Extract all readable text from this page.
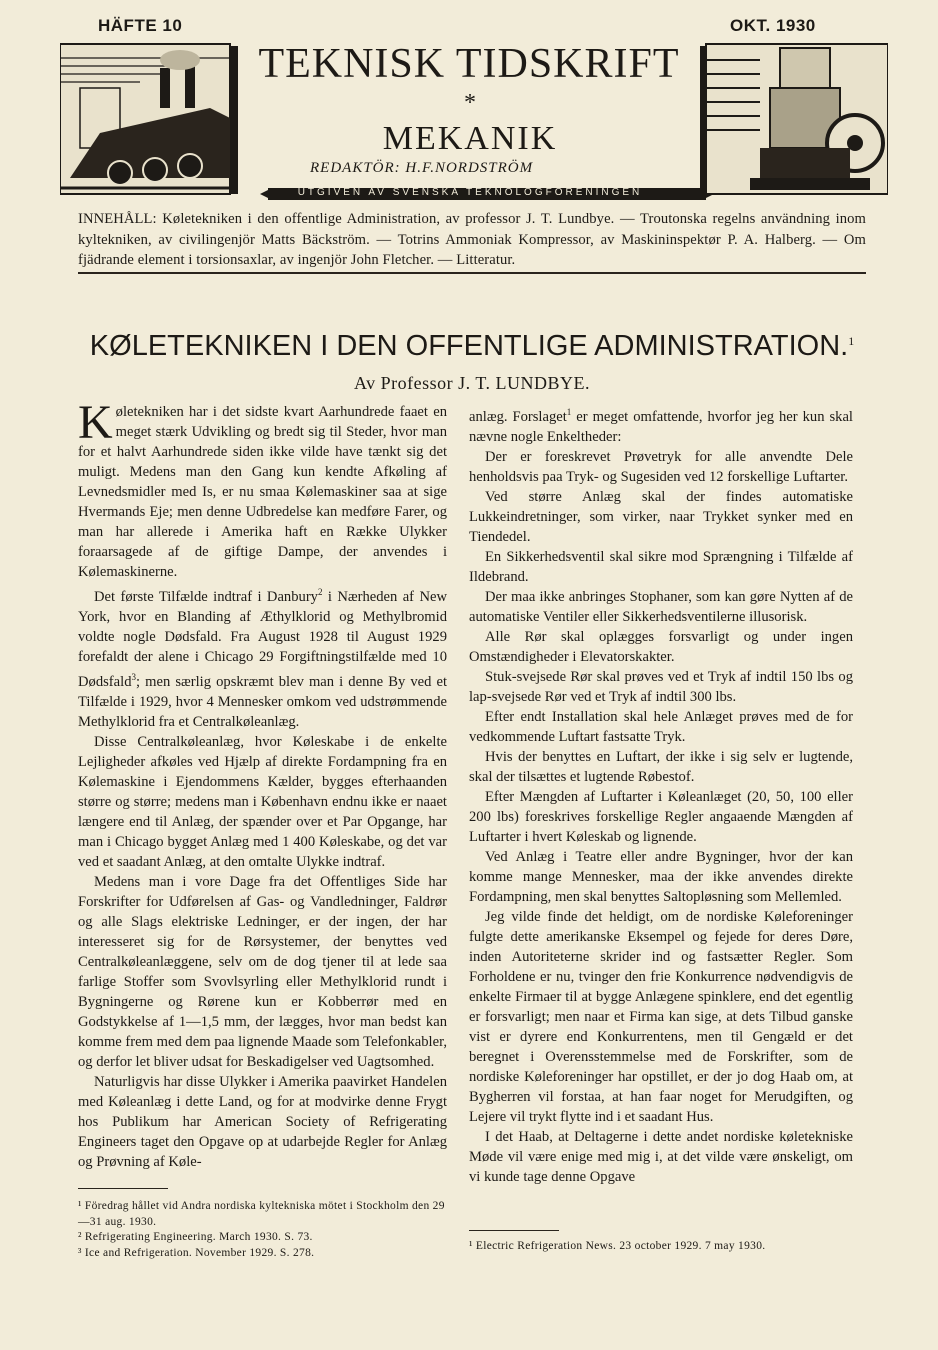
HÄFTE 10	OKT. 1930
TEKNISK TIDSKRIFT
*
MEKANIK
REDAKTÖR: H.F.NORDSTRÖM
UTGIVEN AV SVENSKA TEKNOLOGFÖRENINGEN
INNEHÅLL: Køletekniken i den offentlige Administration, av professor J. T. Lundbye. — Troutonska regelns användning inom kyltekniken, av civilingenjör Matts Bäckström. — Totrins Ammoniak Kompressor, av Maskininspektør P. A. Halberg. — Om fjädrande element i torsionsaxlar, av ingenjör John Fletcher. — Litteratur.
KØLETEKNIKEN I DEN OFFENTLIGE ADMINISTRATION.$^1$
Av Professor J. T. LUNDBYE.

Køletekniken har i det sidste kvart Aarhundrede faaet en meget stærk Udvikling og bredt sig til Steder, hvor man for et halvt Aarhundrede siden ikke vilde have tænkt sig det muligt. Medens man den Gang kun kendte Afkøling af Levnedsmidler med Is, er nu smaa Kølemaskiner saa at sige Hvermands Eje; men denne Udbredelse kan medføre Farer, og man har allerede i Amerika haft en Række Ulykker foraarsagede af de giftige Dampe, der anvendes i Kølemaskinerne.

Det første Tilfælde indtraf i Danbury$^2$ i Nærheden af New York, hvor en Blanding af Æthylklorid og Methylbromid voldte nogle Dødsfald. Fra August 1928 til August 1929 forefaldt der alene i Chicago 29 Forgiftningstilfælde med 10 Dødsfald$^3$; men særlig opskræmt blev man i denne By ved et Tilfælde i 1929, hvor 4 Mennesker omkom ved udstrømmende Methylklorid fra et Centralkøleanlæg.

Disse Centralkøleanlæg, hvor Køleskabe i de enkelte Lejligheder afkøles ved Hjælp af direkte Fordampning fra en Kølemaskine i Ejendommens Kælder, bygges efterhaanden større og større; medens man i København endnu ikke er naaet længere end til Anlæg, der spænder over et Par Opgange, har man i Chicago bygget Anlæg med 1 400 Køleskabe, og det var ved et saadant Anlæg, at den omtalte Ulykke indtraf.

Medens man i vore Dage fra det Offentliges Side har Forskrifter for Udførelsen af Gas- og Vandledninger, Faldrør og alle Slags elektriske Ledninger, er der ingen, der har interesseret sig for de Rørsystemer, der benyttes ved Centralkøleanlæggene, selv om de dog tjener til at lede saa farlige Stoffer som Svovlsyrling eller Methylklorid rundt i Bygningerne og Rørene kun er Kobberrør med en Godstykkelse af 1—1,5 mm, der lægges, hvor man bedst kan komme frem med dem paa lignende Maade som Telefonkabler, og derfor let bliver udsat for Beskadigelser ved Uagtsomhed.

Naturligvis har disse Ulykker i Amerika paavirket Handelen med Køleanlæg i dette Land, og for at modvirke denne Frygt hos Publikum har American Society of Refrigerating Engineers taget den Opgave op at udarbejde Regler for Anlæg og Prøvning af Køle-

anlæg. Forslaget$^1$ er meget omfattende, hvorfor jeg her kun skal nævne nogle Enkeltheder:

Der er foreskrevet Prøvetryk for alle anvendte Dele henholdsvis paa Tryk- og Sugesiden ved 12 forskellige Luftarter.

Ved større Anlæg skal der findes automatiske Lukkeindretninger, som virker, naar Trykket synker med en Tiendedel.

En Sikkerhedsventil skal sikre mod Sprængning i Tilfælde af Ildebrand.

Der maa ikke anbringes Stophaner, som kan gøre Nytten af de automatiske Ventiler eller Sikkerhedsventilerne illusorisk.

Alle Rør skal oplægges forsvarligt og under ingen Omstændigheder i Elevatorskakter.

Stuk-svejsede Rør skal prøves ved et Tryk af indtil 150 lbs og lap-svejsede Rør ved et Tryk af indtil 300 lbs.

Efter endt Installation skal hele Anlæget prøves med de for vedkommende Luftart fastsatte Tryk.

Hvis der benyttes en Luftart, der ikke i sig selv er lugtende, skal der tilsættes et lugtende Røbestof.

Efter Mængden af Luftarter i Køleanlæget (20, 50, 100 eller 200 lbs) foreskrives forskellige Regler angaaende Mængden af Luftarter i hvert Køleskab og lignende.

Ved Anlæg i Teatre eller andre Bygninger, hvor der kan komme mange Mennesker, maa der ikke anvendes direkte Fordampning, men skal benyttes Saltopløsning som Mellemled.

Jeg vilde finde det heldigt, om de nordiske Køleforeninger fulgte dette amerikanske Eksempel og fejede for deres Døre, inden Autoriteterne skrider ind og fastsætter Regler. Som Forholdene er nu, tvinger den frie Konkurrence nødvendigvis de enkelte Firmaer til at bygge Anlægene spinklere, end det egentlig er forsvarligt; men naar et Firma kan sige, at dets Tilbud ganske vist er dyrere end Konkurrentens, men til Gengæld er det beregnet i Overensstemmelse med de Forskrifter, som de nordiske Køleforeninger har opstillet, er der jo dog Haab om, at Bygherren vil forstaa, at han faar noget for Merudgiften, og Lejere vil trykt flytte ind i et saadant Hus.

I det Haab, at Deltagerne i dette andet nordiske køletekniske Møde vil være enige med mig i, at det vilde være ønskeligt, om vi kunde tage denne Opgave

¹ Föredrag hållet vid Andra nordiska kyltekniska mötet i Stockholm den 29—31 aug. 1930.

² Refrigerating Engineering. March 1930. S. 73.

³ Ice and Refrigeration. November 1929. S. 278.

¹ Electric Refrigeration News. 23 october 1929. 7 may 1930.
